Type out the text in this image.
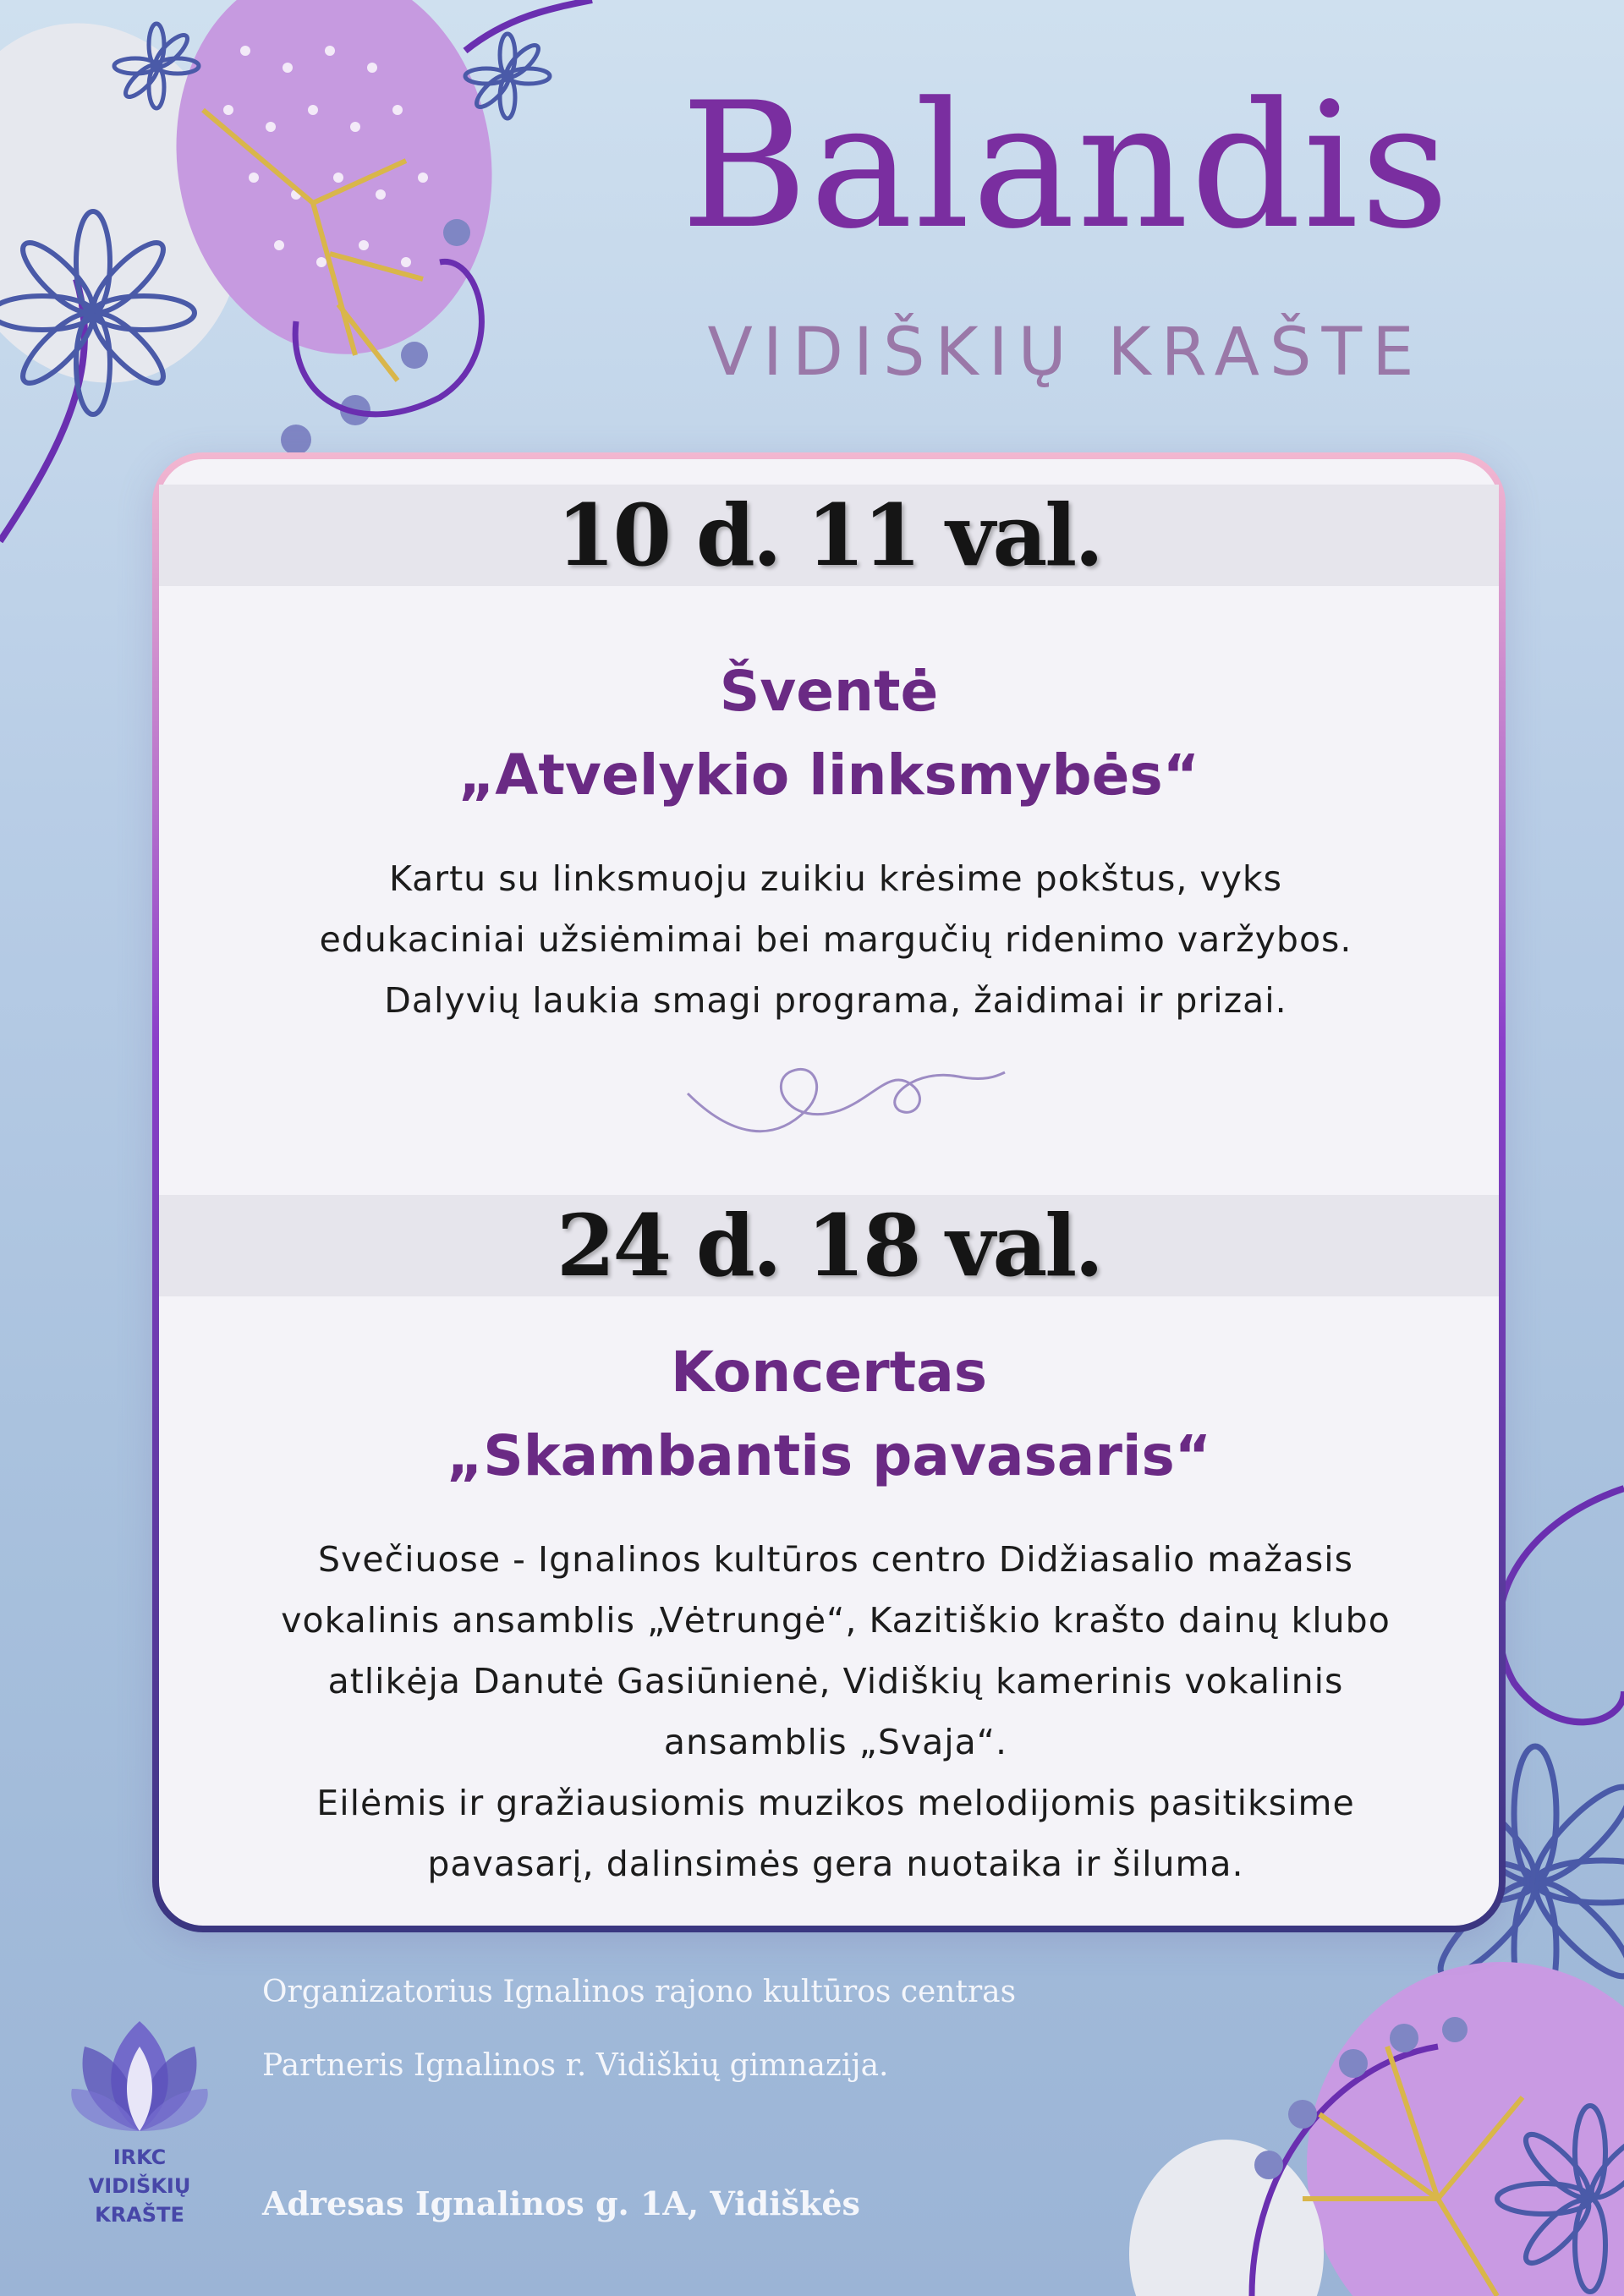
Balandis
VIDIŠKIŲ KRAŠTE
10 d. 11 val.
Šventė
„Atvelykio linksmybės“
Kartu su linksmuoju zuikiu krėsime pokštus, vyks
edukaciniai užsiėmimai bei margučių ridenimo varžybos.
Dalyvių laukia smagi programa, žaidimai ir prizai.
24 d. 18 val.
Koncertas
„Skambantis pavasaris“
Svečiuose - Ignalinos kultūros centro Didžiasalio mažasis
vokalinis ansamblis „Vėtrungė“, Kazitiškio krašto dainų klubo
atlikėja Danutė Gasiūnienė, Vidiškių kamerinis vokalinis
ansamblis „Svaja“.
Eilėmis ir gražiausiomis muzikos melodijomis pasitiksime
pavasarį, dalinsimės gera nuotaika ir šiluma.
Organizatorius Ignalinos rajono kultūros centras
Partneris Ignalinos r. Vidiškių gimnazija.
Adresas Ignalinos g. 1A, Vidiškės
IRKC
VIDIŠKIŲ KRAŠTE
